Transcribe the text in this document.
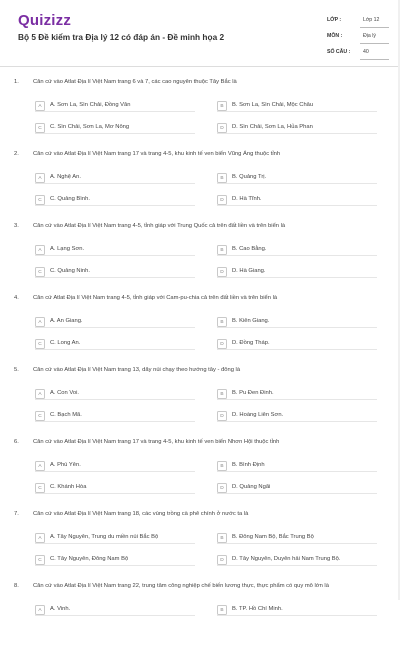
Quizizz
Bộ 5 Đề kiểm tra Địa lý 12 có đáp án - Đề minh họa 2
LỚP :	Lớp 12
MÔN :	Địa lý
SỐ CÂU : 40
1. Căn cứ vào Atlat Địa lí Việt Nam trang 6 và 7, các cao nguyên thuộc Tây Bắc là
A	A. Sơn La, Sìn Chải, Đồng Văn	B	B. Sơn La, Sìn Chải, Mộc Châu
C	C. Sìn Chải, Sơn La, Mơ Nông	D	D. Sìn Chải, Sơn La, Hủa Phan
2. Căn cứ vào Atlat Địa lí Việt Nam trang 17 và trang 4-5, khu kinh tế ven biển Vũng Áng thuộc tỉnh
A	A. Nghệ An.	B	B. Quảng Trị.
C	C. Quảng Bình.	D	D. Hà Tĩnh.
3. Căn cứ vào Atlat Địa lí Việt Nam trang 4-5, tỉnh giáp với Trung Quốc cả trên đất liền và trên biển là
A	A. Lạng Sơn.	B	B. Cao Bằng.
C	C. Quảng Ninh.	D	D. Hà Giang.
4. Căn cứ Atlat Địa lí Việt Nam trang 4-5, tỉnh giáp với Cam-pu-chia cả trên đất liền và trên biển là
A	A. An Giang.	B	B. Kiên Giang.
C	C. Long An.	D	D. Đồng Tháp.
5. Căn cứ vào Atlat Địa lí Việt Nam trang 13, dãy núi chạy theo hướng tây - đông là
A	A. Con Voi.	B	B. Pu Đen Đinh.
C	C. Bạch Mã.	D	D. Hoàng Liên Sơn.
6. Căn cứ vào Atlat Địa lí Việt Nam trang 17 và trang 4-5, khu kinh tế ven biển Nhơn Hội thuộc tỉnh
A	A. Phú Yên.	B	B. Bình Định
C	C. Khánh Hòa	D	D. Quảng Ngãi
7. Căn cứ vào Atlat Địa lí Việt Nam trang 18, các vùng trồng cà phê chính ở nước ta là
A	A. Tây Nguyên, Trung du miền núi Bắc Bộ	B	B. Đông Nam Bộ, Bắc Trung Bộ
C	C. Tây Nguyên, Đông Nam Bộ	D	D. Tây Nguyên, Duyên hải Nam Trung Bộ.
8. Căn cứ vào Atlat Địa lí Việt Nam trang 22, trung tâm công nghiệp chế biến lương thực, thực phẩm có quy mô lớn là
A	A. Vinh.	B	B. TP. Hồ Chí Minh.
